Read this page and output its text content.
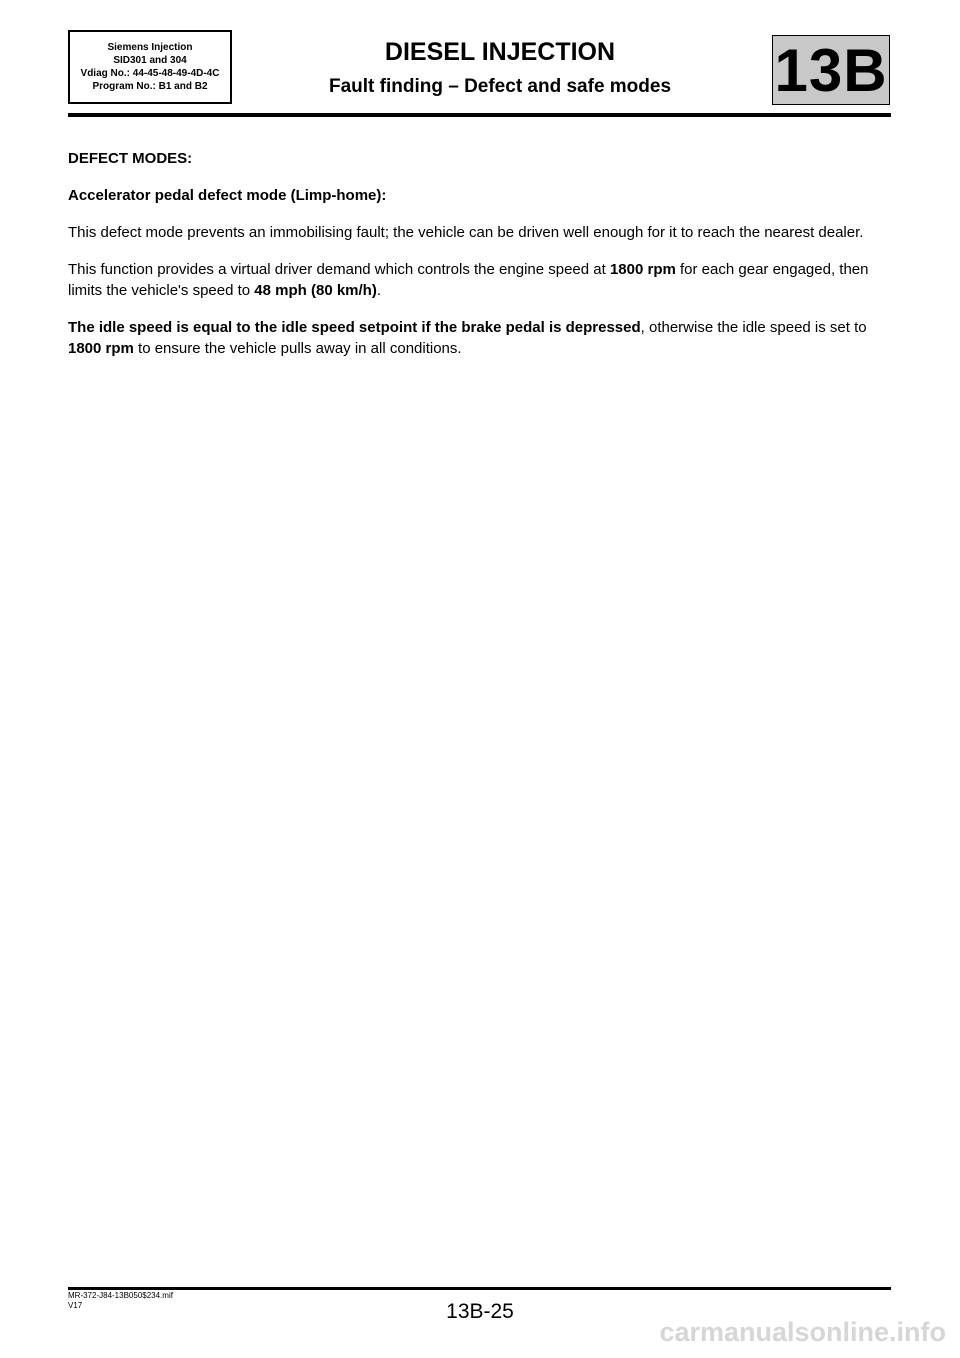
Siemens Injection
SID301 and 304
Vdiag No.: 44-45-48-49-4D-4C
Program No.: B1 and B2
DIESEL INJECTION
Fault finding – Defect and safe modes	13B

DEFECT MODES:

Accelerator pedal defect mode (Limp-home):

This defect mode prevents an immobilising fault; the vehicle can be driven well enough for it to reach the nearest dealer.

This function provides a virtual driver demand which controls the engine speed at 1800 rpm for each gear engaged, then limits the vehicle's speed to 48 mph (80 km/h).

The idle speed is equal to the idle speed setpoint if the brake pedal is depressed, otherwise the idle speed is set to 1800 rpm to ensure the vehicle pulls away in all conditions.

MR-372-J84-13B050$234.mif
V17	13B-25
carmanualsonline.info
